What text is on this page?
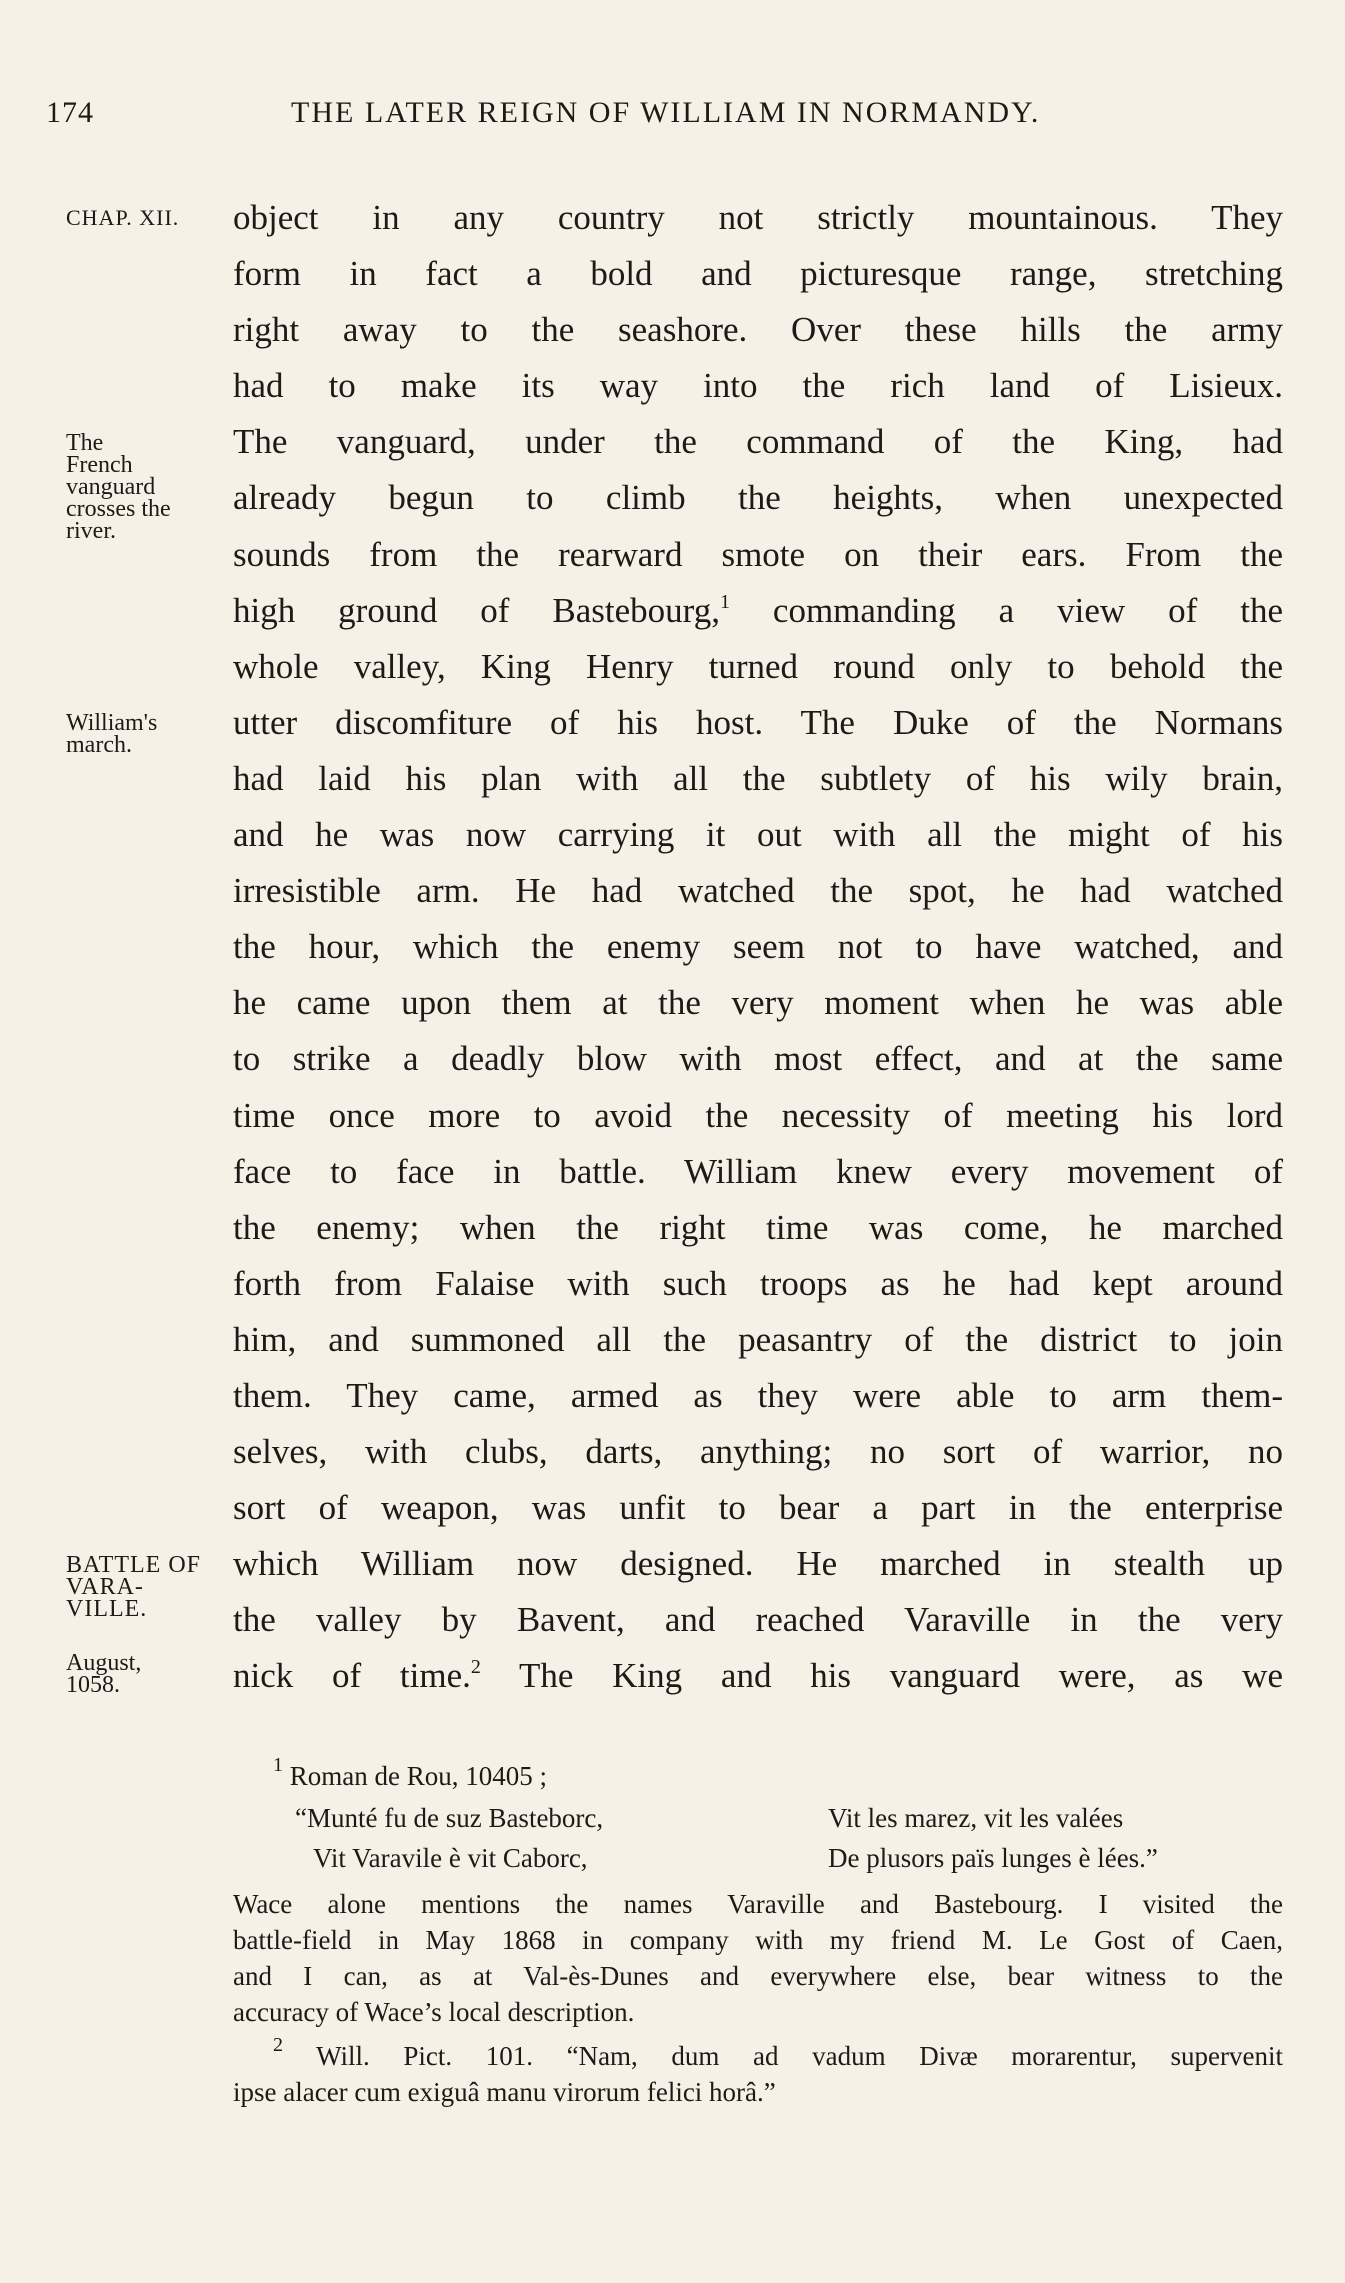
174	THE LATER REIGN OF WILLIAM IN NORMANDY.
CHAP. XII.
The
French
vanguard
crosses the
river.
William's
march.
BATTLE OF
VARA-
VILLE.
August,
1058.
object in any country not strictly mountainous. They
form in fact a bold and picturesque range, stretching
right away to the seashore. Over these hills the army
had to make its way into the rich land of Lisieux.
The vanguard, under the command of the King, had
already begun to climb the heights, when unexpected
sounds from the rearward smote on their ears. From the
high ground of Bastebourg,$^1$ commanding a view of the
whole valley, King Henry turned round only to behold the
utter discomfiture of his host. The Duke of the Normans
had laid his plan with all the subtlety of his wily brain,
and he was now carrying it out with all the might of his
irresistible arm. He had watched the spot, he had watched
the hour, which the enemy seem not to have watched, and
he came upon them at the very moment when he was able
to strike a deadly blow with most effect, and at the same
time once more to avoid the necessity of meeting his lord
face to face in battle. William knew every movement of
the enemy; when the right time was come, he marched
forth from Falaise with such troops as he had kept around
him, and summoned all the peasantry of the district to join
them. They came, armed as they were able to arm them-
selves, with clubs, darts, anything; no sort of warrior, no
sort of weapon, was unfit to bear a part in the enterprise
which William now designed. He marched in stealth up
the valley by Bavent, and reached Varaville in the very
nick of time.$^2$ The King and his vanguard were, as we
$^1$ Roman de Rou, 10405 ;
“Munté fu de suz Basteborc,
Vit Varavile è vit Caborc,
Vit les marez, vit les valées
De plusors païs lunges è lées.”
Wace alone mentions the names Varaville and Bastebourg. I visited the
battle-field in May 1868 in company with my friend M. Le Gost of Caen,
and I can, as at Val-ès-Dunes and everywhere else, bear witness to the
accuracy of Wace’s local description.
$^2$ Will. Pict. 101. “Nam, dum ad vadum Divæ morarentur, supervenit
ipse alacer cum exiguâ manu virorum felici horâ.”
